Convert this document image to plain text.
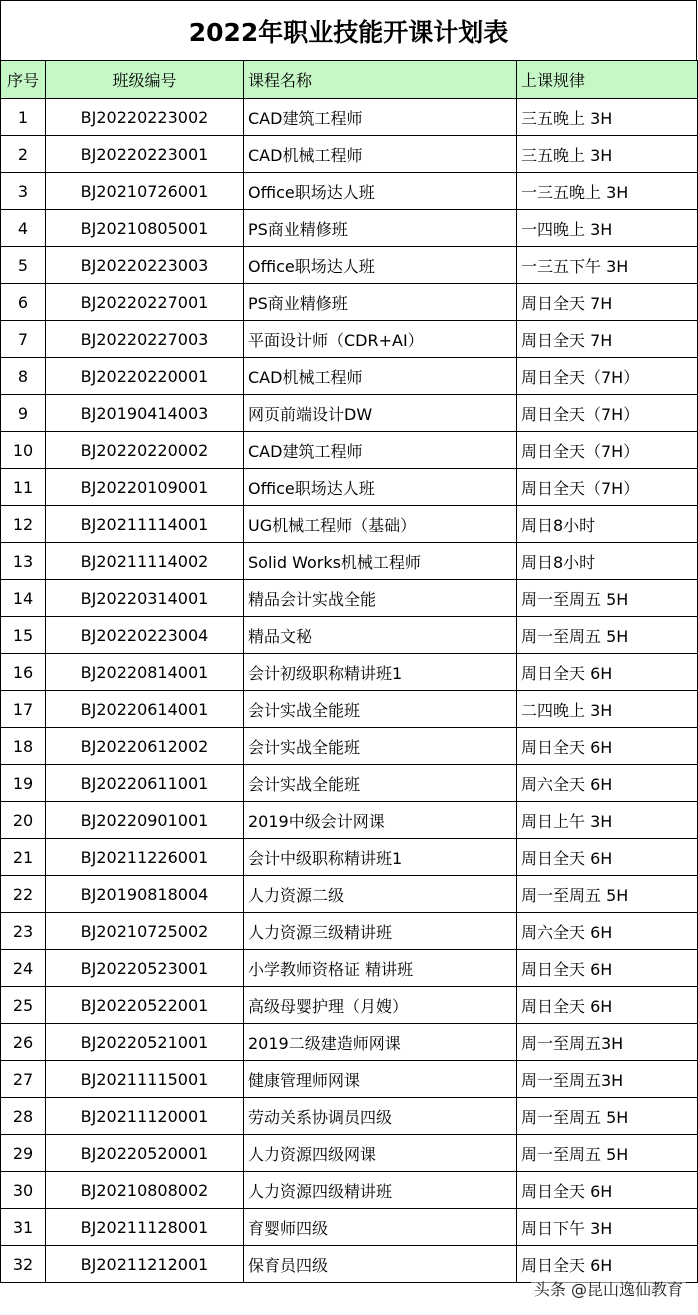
2022年职业技能开课计划表
序号	班级编号	课程名称	上课规律
1	BJ20220223002	CAD建筑工程师	三五晚上 3H
2	BJ20220223001	CAD机械工程师	三五晚上 3H
3	BJ20210726001	Office职场达人班	一三五晚上 3H
4	BJ20210805001	PS商业精修班	一四晚上 3H
5	BJ20220223003	Office职场达人班	一三五下午 3H
6	BJ20220227001	PS商业精修班	周日全天 7H
7	BJ20220227003	平面设计师（CDR+AI）	周日全天 7H
8	BJ20220220001	CAD机械工程师	周日全天（7H）
9	BJ20190414003	网页前端设计DW	周日全天（7H）
10	BJ20220220002	CAD建筑工程师	周日全天（7H）
11	BJ20220109001	Office职场达人班	周日全天（7H）
12	BJ20211114001	UG机械工程师（基础）	周日8小时
13	BJ20211114002	Solid Works机械工程师	周日8小时
14	BJ20220314001	精品会计实战全能	周一至周五 5H
15	BJ20220223004	精品文秘	周一至周五 5H
16	BJ20220814001	会计初级职称精讲班1	周日全天 6H
17	BJ20220614001	会计实战全能班	二四晚上 3H
18	BJ20220612002	会计实战全能班	周日全天 6H
19	BJ20220611001	会计实战全能班	周六全天 6H
20	BJ20220901001	2019中级会计网课	周日上午 3H
21	BJ20211226001	会计中级职称精讲班1	周日全天 6H
22	BJ20190818004	人力资源二级	周一至周五 5H
23	BJ20210725002	人力资源三级精讲班	周六全天 6H
24	BJ20220523001	小学教师资格证 精讲班	周日全天 6H
25	BJ20220522001	高级母婴护理（月嫂）	周日全天 6H
26	BJ20220521001	2019二级建造师网课	周一至周五3H
27	BJ20211115001	健康管理师网课	周一至周五3H
28	BJ20211120001	劳动关系协调员四级	周一至周五 5H
29	BJ20220520001	人力资源四级网课	周一至周五 5H
30	BJ20210808002	人力资源四级精讲班	周日全天 6H
31	BJ20211128001	育婴师四级	周日下午 3H
32	BJ20211212001	保育员四级	周日全天 6H
头条 @昆山逸仙教育
